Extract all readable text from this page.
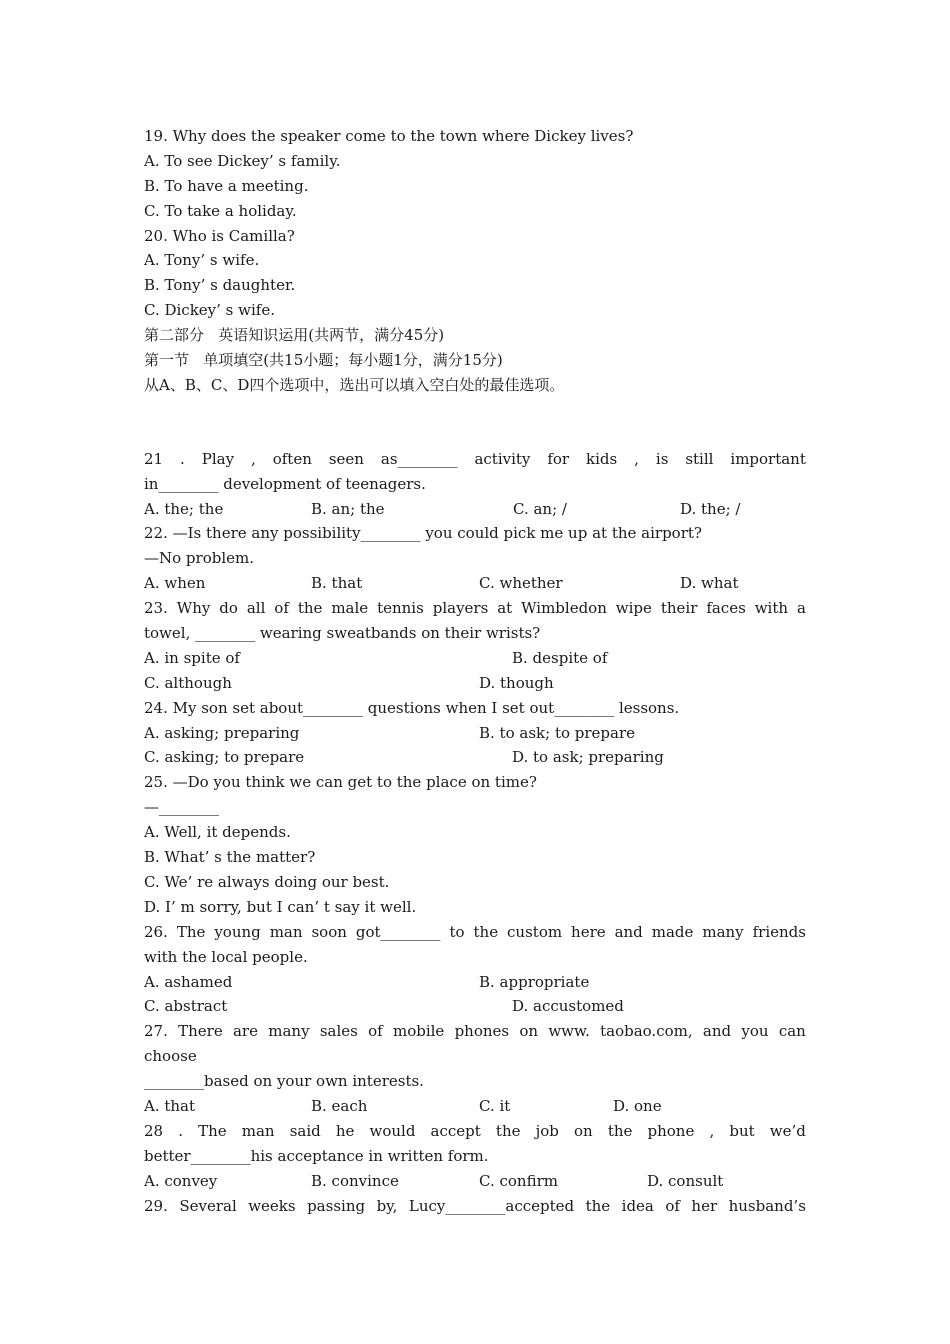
19. Why does the speaker come to the town where Dickey lives?
A. To see Dickey’ s family.
B. To have a meeting.
C. To take a holiday.
20. Who is Camilla?
A. Tony’ s wife.
B. Tony’ s daughter.
C. Dickey’ s wife.
第二部分   英语知识运用(共两节，满分45分)
第一节   单项填空(共15小题；每小题1分，满分15分)
从A、B、C、D四个选项中，选出可以填入空白处的最佳选项。
21 . Play , often seen as________ activity for kids , is still important
in________ development of teenagers.
A. the; the	B. an; the	C. an; /	D. the; /
22. —Is there any possibility________ you could pick me up at the airport?
—No problem.
A. when	B. that	C. whether	D. what
23. Why do all of the male tennis players at Wimbledon wipe their faces with a
towel, ________ wearing sweatbands on their wrists?
A. in spite of	B. despite of
C. although	D. though
24. My son set about________ questions when I set out________ lessons.
A. asking; preparing	B. to ask; to prepare
C. asking; to prepare	D. to ask; preparing
25. —Do you think we can get to the place on time?
—________
A. Well, it depends.
B. What’ s the matter?
C. We’ re always doing our best.
D. I’ m sorry, but I can’ t say it well.
26. The young man soon got________ to the custom here and made many friends
with the local people.
A. ashamed	B. appropriate
C. abstract	D. accustomed
27. There are many sales of mobile phones on www. taobao.com, and you can
choose
________based on your own interests.
A. that	B. each	C. it	D. one
28 . The man said he would accept the job on the phone , but we’d
better________his acceptance in written form.
A. convey	B. convince	C. confirm	D. consult
29. Several weeks passing by, Lucy________accepted the idea of her husband’s
